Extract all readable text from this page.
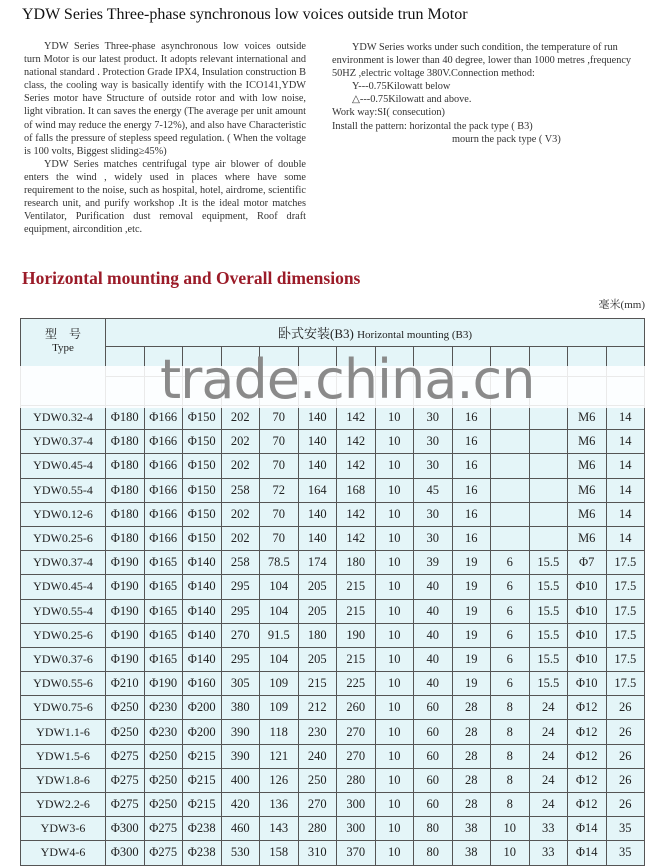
YDW Series Three-phase synchronous low voices outside trun Motor
YDW Series Three-phase asynchronous low voices outside turn Motor is our latest product. It adopts relevant international and national standard . Protection Grade IPX4, Insulation construction B class, the cooling way is basically identify with the ICO141,YDW Series motor have Structure of outside rotor and with low noise, light vibration. It can saves the energy (The average per unit amount of wind may reduce the energy 7-12%), and also have Characteristic of falls the pressure of stepless speed regulation. ( When the voltage is 100 volts, Biggest sliding≥45%)
YDW Series matches centrifugal type air blower of double enters the wind , widely used in places where have some requirement to the noise, such as hospital, hotel, airdrome, scientific research unit, and purify workshop .It is the ideal motor matches Ventilator, Purification dust removal equipment, Roof draft equipment, aircondition ,etc.
YDW Series works under such condition, the temperature of run environment is lower than 40 degree, lower than 1000 metres ,frequency 50HZ ,electric voltage 380V.Connection method:
Y---0.75Kilowatt below
△---0.75Kilowatt and above.
Work way:SI( consecution)
Install the pattern: horizontal the pack type ( B3)
mourn the pack type ( V3)
Horizontal mounting and Overall dimensions
毫米(mm)
型　号
Type	卧式安装(B3) Horizontal mounting (B3)													

YDW0.32-4	Φ180	Φ166	Φ150	202	70	140	142	10	30	16			M6	14
YDW0.37-4	Φ180	Φ166	Φ150	202	70	140	142	10	30	16			M6	14
YDW0.45-4	Φ180	Φ166	Φ150	202	70	140	142	10	30	16			M6	14
YDW0.55-4	Φ180	Φ166	Φ150	258	72	164	168	10	45	16			M6	14
YDW0.12-6	Φ180	Φ166	Φ150	202	70	140	142	10	30	16			M6	14
YDW0.25-6	Φ180	Φ166	Φ150	202	70	140	142	10	30	16			M6	14
YDW0.37-4	Φ190	Φ165	Φ140	258	78.5	174	180	10	39	19	6	15.5	Φ7	17.5
YDW0.45-4	Φ190	Φ165	Φ140	295	104	205	215	10	40	19	6	15.5	Φ10	17.5
YDW0.55-4	Φ190	Φ165	Φ140	295	104	205	215	10	40	19	6	15.5	Φ10	17.5
YDW0.25-6	Φ190	Φ165	Φ140	270	91.5	180	190	10	40	19	6	15.5	Φ10	17.5
YDW0.37-6	Φ190	Φ165	Φ140	295	104	205	215	10	40	19	6	15.5	Φ10	17.5
YDW0.55-6	Φ210	Φ190	Φ160	305	109	215	225	10	40	19	6	15.5	Φ10	17.5
YDW0.75-6	Φ250	Φ230	Φ200	380	109	212	260	10	60	28	8	24	Φ12	26
YDW1.1-6	Φ250	Φ230	Φ200	390	118	230	270	10	60	28	8	24	Φ12	26
YDW1.5-6	Φ275	Φ250	Φ215	390	121	240	270	10	60	28	8	24	Φ12	26
YDW1.8-6	Φ275	Φ250	Φ215	400	126	250	280	10	60	28	8	24	Φ12	26
YDW2.2-6	Φ275	Φ250	Φ215	420	136	270	300	10	60	28	8	24	Φ12	26
YDW3-6	Φ300	Φ275	Φ238	460	143	280	300	10	80	38	10	33	Φ14	35
YDW4-6	Φ300	Φ275	Φ238	530	158	310	370	10	80	38	10	33	Φ14	35
trade.china.cn
